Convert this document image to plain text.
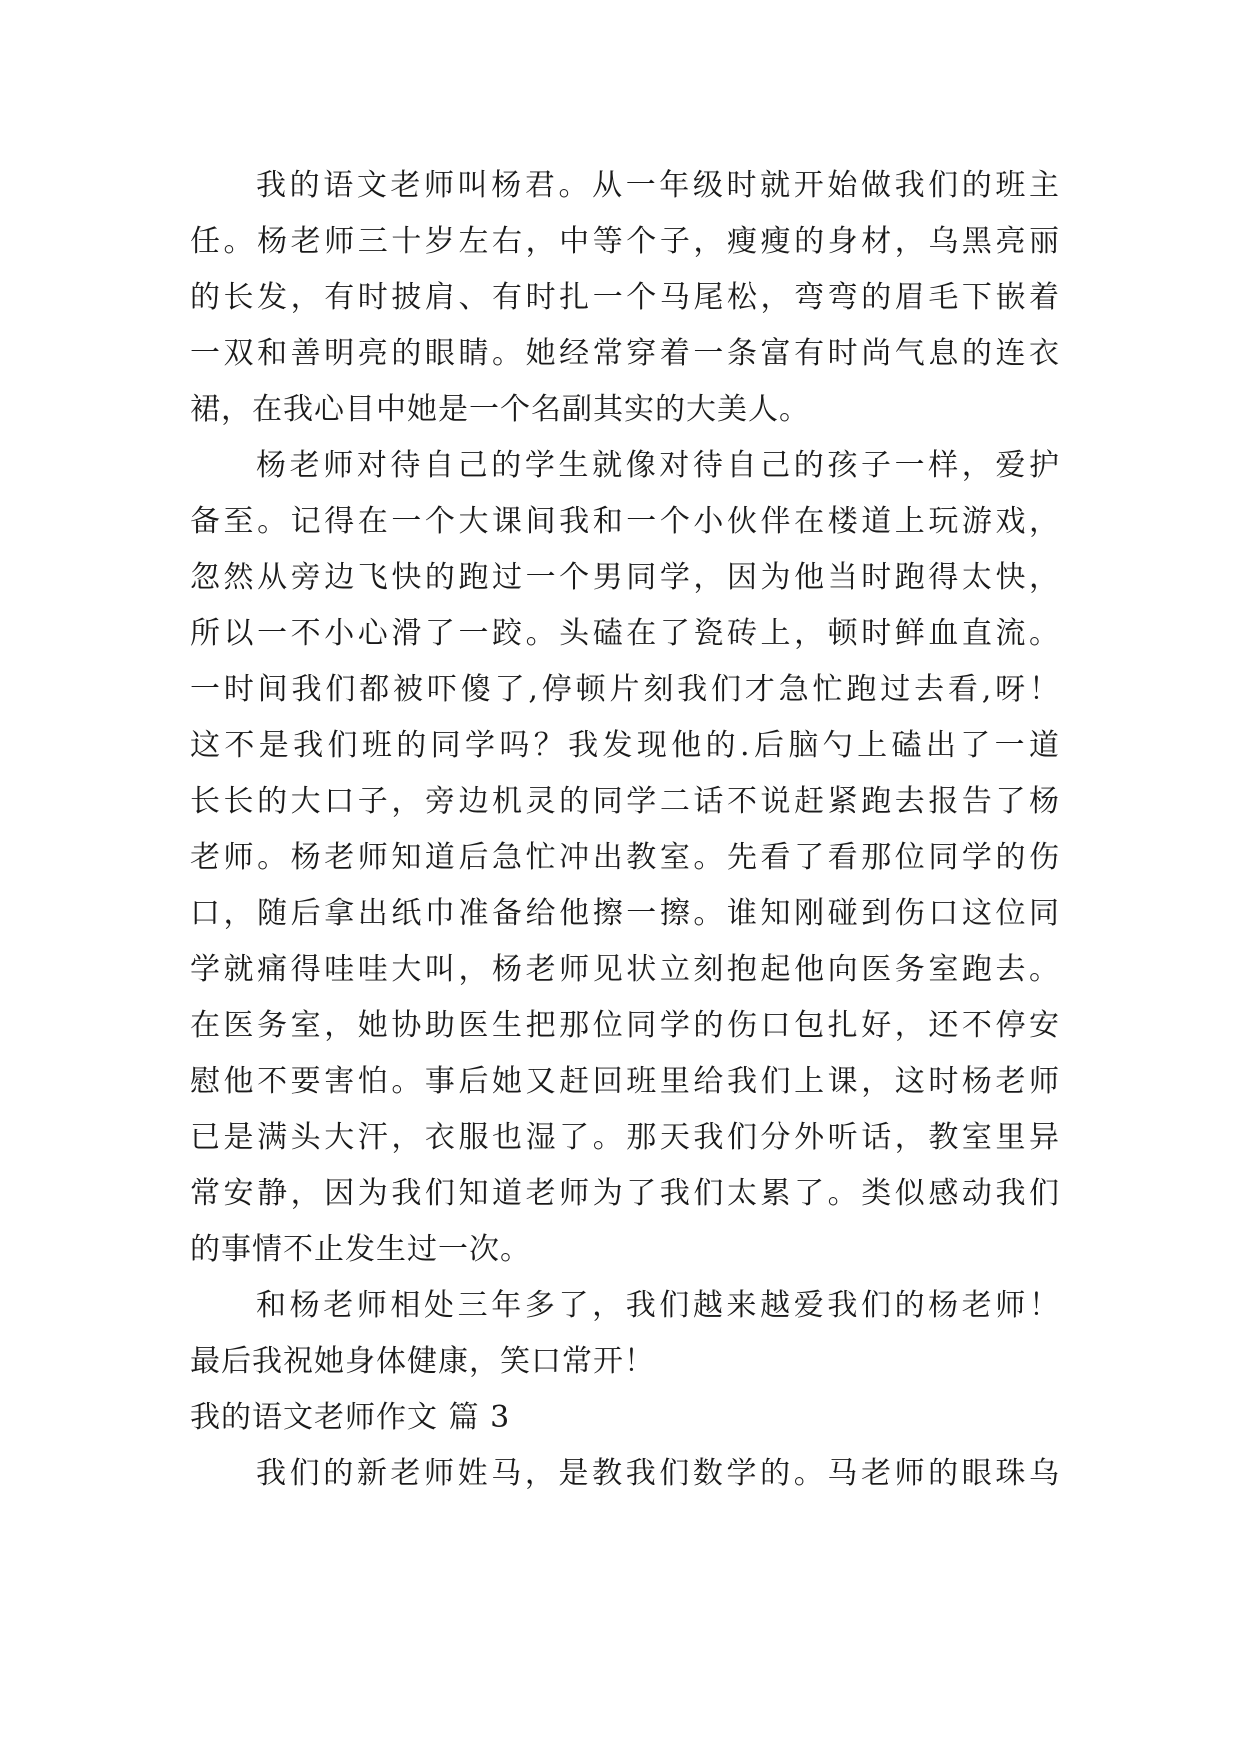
我的语文老师叫杨君。从一年级时就开始做我们的班主
任。杨老师三十岁左右，中等个子，瘦瘦的身材，乌黑亮丽
的长发，有时披肩、有时扎一个马尾松，弯弯的眉毛下嵌着
一双和善明亮的眼睛。她经常穿着一条富有时尚气息的连衣
裙，在我心目中她是一个名副其实的大美人。
杨老师对待自己的学生就像对待自己的孩子一样，爱护
备至。记得在一个大课间我和一个小伙伴在楼道上玩游戏，
忽然从旁边飞快的跑过一个男同学，因为他当时跑得太快，
所以一不小心滑了一跤。头磕在了瓷砖上，顿时鲜血直流。
一时间我们都被吓傻了,停顿片刻我们才急忙跑过去看,呀！
这不是我们班的同学吗？我发现他的.后脑勺上磕出了一道
长长的大口子，旁边机灵的同学二话不说赶紧跑去报告了杨
老师。杨老师知道后急忙冲出教室。先看了看那位同学的伤
口，随后拿出纸巾准备给他擦一擦。谁知刚碰到伤口这位同
学就痛得哇哇大叫，杨老师见状立刻抱起他向医务室跑去。
在医务室，她协助医生把那位同学的伤口包扎好，还不停安
慰他不要害怕。事后她又赶回班里给我们上课，这时杨老师
已是满头大汗，衣服也湿了。那天我们分外听话，教室里异
常安静，因为我们知道老师为了我们太累了。类似感动我们
的事情不止发生过一次。
和杨老师相处三年多了，我们越来越爱我们的杨老师！
最后我祝她身体健康，笑口常开！
我的语文老师作文 篇 3
我们的新老师姓马，是教我们数学的。马老师的眼珠乌
